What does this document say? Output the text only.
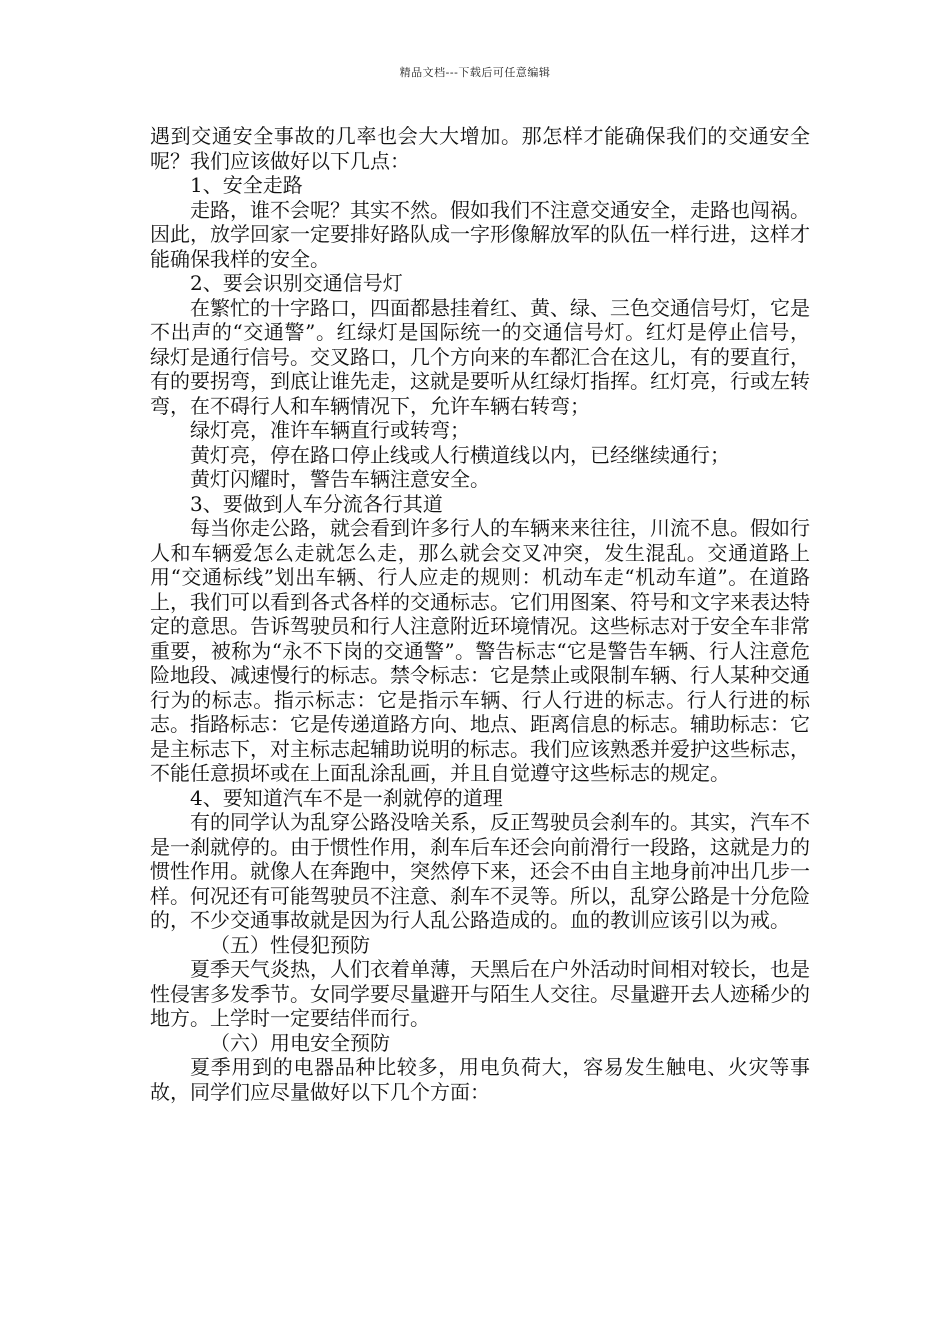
精品文档---下载后可任意编辑

遇到交通安全事故的几率也会大大增加。那怎样才能确保我们的交通安全呢？我们应该做好以下几点：

1、安全走路

走路，谁不会呢？其实不然。假如我们不注意交通安全，走路也闯祸。因此，放学回家一定要排好路队成一字形像解放军的队伍一样行进，这样才能确保我样的安全。

2、要会识别交通信号灯

在繁忙的十字路口，四面都悬挂着红、黄、绿、三色交通信号灯，它是不出声的“交通警”。红绿灯是国际统一的交通信号灯。红灯是停止信号，绿灯是通行信号。交叉路口，几个方向来的车都汇合在这儿，有的要直行，有的要拐弯，到底让谁先走，这就是要听从红绿灯指挥。红灯亮，行或左转弯，在不碍行人和车辆情况下，允许车辆右转弯；

绿灯亮，准许车辆直行或转弯；

黄灯亮，停在路口停止线或人行横道线以内，已经继续通行；

黄灯闪耀时，警告车辆注意安全。

3、要做到人车分流各行其道

每当你走公路，就会看到许多行人的车辆来来往往，川流不息。假如行人和车辆爱怎么走就怎么走，那么就会交叉冲突，发生混乱。交通道路上用“交通标线”划出车辆、行人应走的规则：机动车走“机动车道”。在道路上，我们可以看到各式各样的交通标志。它们用图案、符号和文字来表达特定的意思。告诉驾驶员和行人注意附近环境情况。这些标志对于安全车非常重要，被称为“永不下岗的交通警”。警告标志“它是警告车辆、行人注意危险地段、减速慢行的标志。禁令标志：它是禁止或限制车辆、行人某种交通行为的标志。指示标志：它是指示车辆、行人行进的标志。行人行进的标志。指路标志：它是传递道路方向、地点、距离信息的标志。辅助标志：它是主标志下，对主标志起辅助说明的标志。我们应该熟悉并爱护这些标志，不能任意损坏或在上面乱涂乱画，并且自觉遵守这些标志的规定。

4、要知道汽车不是一刹就停的道理

有的同学认为乱穿公路没啥关系，反正驾驶员会刹车的。其实，汽车不是一刹就停的。由于惯性作用，刹车后车还会向前滑行一段路，这就是力的惯性作用。就像人在奔跑中，突然停下来，还会不由自主地身前冲出几步一样。何况还有可能驾驶员不注意、刹车不灵等。所以，乱穿公路是十分危险的，不少交通事故就是因为行人乱公路造成的。血的教训应该引以为戒。

（五）性侵犯预防

夏季天气炎热，人们衣着单薄，天黑后在户外活动时间相对较长，也是性侵害多发季节。女同学要尽量避开与陌生人交往。尽量避开去人迹稀少的地方。上学时一定要结伴而行。

（六）用电安全预防

夏季用到的电器品种比较多，用电负荷大，容易发生触电、火灾等事故，同学们应尽量做好以下几个方面：
